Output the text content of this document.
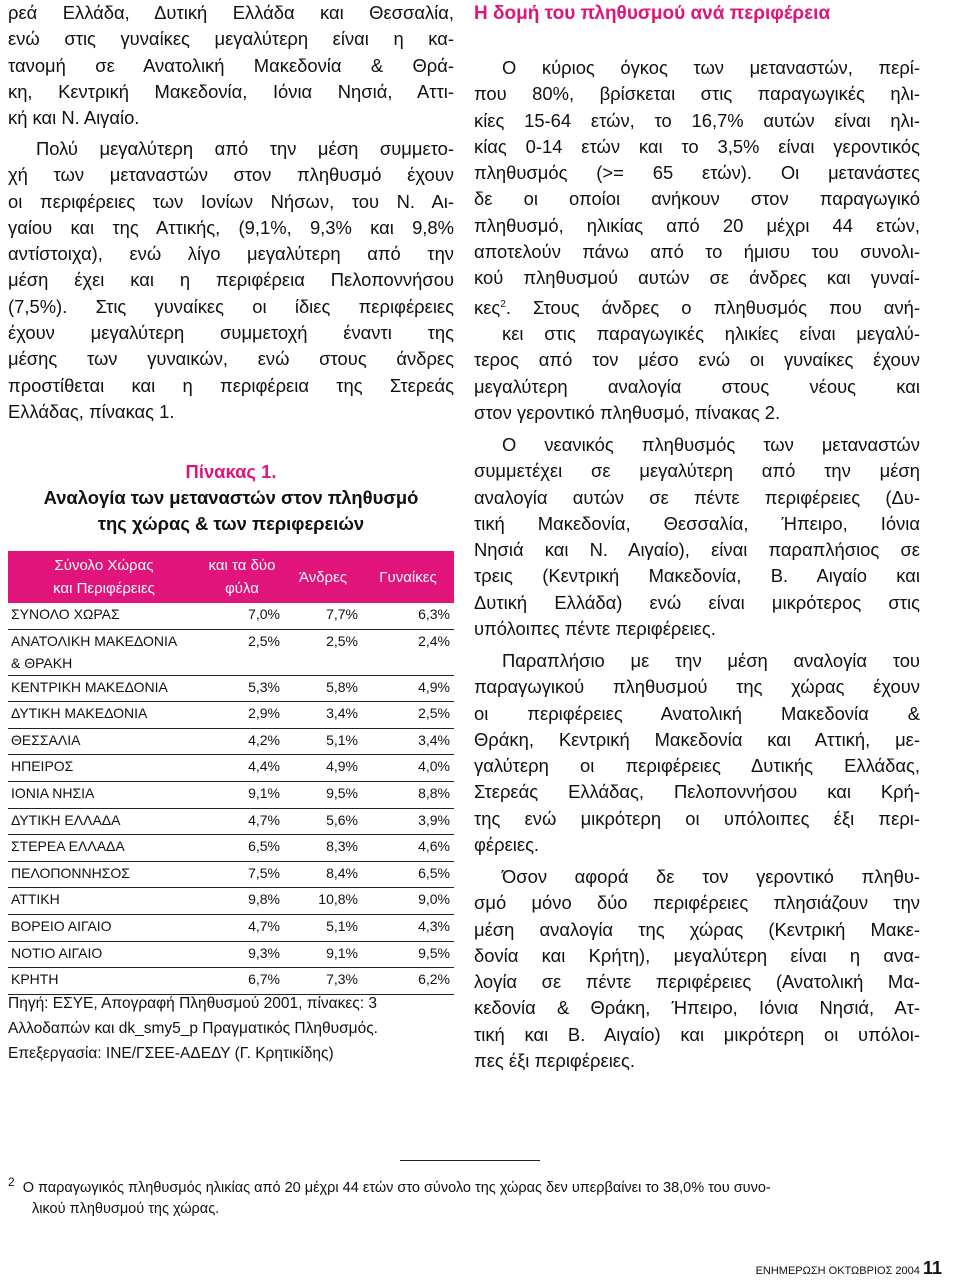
ρεά Ελλάδα, Δυτική Ελλάδα και Θεσσαλία,
ενώ στις γυναίκες μεγαλύτερη είναι η κα-
τανομή σε Ανατολική Μακεδονία & Θρά-
κη, Κεντρική Μακεδονία, Ιόνια Νησιά, Αττι-
κή και Ν. Αιγαίο.
Πολύ μεγαλύτερη από την μέση συμμετο-
χή των μεταναστών στον πληθυσμό έχουν
οι περιφέρειες των Ιονίων Νήσων, του Ν. Αι-
γαίου και της Αττικής, (9,1%, 9,3% και 9,8%
αντίστοιχα), ενώ λίγο μεγαλύτερη από την
μέση έχει και η περιφέρεια Πελοποννήσου
(7,5%). Στις γυναίκες οι ίδιες περιφέρειες
έχουν μεγαλύτερη συμμετοχή έναντι της
μέσης των γυναικών, ενώ στους άνδρες
προστίθεται και η περιφέρεια της Στερεάς
Ελλάδας, πίνακας 1.
Πίνακας 1.
Αναλογία των μεταναστών στον πληθυσμό
της χώρας & των περιφερειών
Σύνολο Χώρας
και Περιφέρειες	και τα δύο
φύλα	Άνδρες	Γυναίκες

ΣΥΝΟΛΟ ΧΩΡΑΣ	7,0%	7,7%	6,3%

ΑΝΑΤΟΛΙΚΗ ΜΑΚΕΔΟΝΙΑ
& ΘΡΑΚΗ	2,5%	2,5%	2,4%

ΚΕΝΤΡΙΚΗ ΜΑΚΕΔΟΝΙΑ	5,3%	5,8%	4,9%

ΔΥΤΙΚΗ ΜΑΚΕΔΟΝΙΑ	2,9%	3,4%	2,5%

ΘΕΣΣΑΛΙΑ	4,2%	5,1%	3,4%

ΗΠΕΙΡΟΣ	4,4%	4,9%	4,0%

ΙΟΝΙΑ ΝΗΣΙΑ	9,1%	9,5%	8,8%

ΔΥΤΙΚΗ ΕΛΛΑΔΑ	4,7%	5,6%	3,9%

ΣΤΕΡΕΑ ΕΛΛΑΔΑ	6,5%	8,3%	4,6%

ΠΕΛΟΠΟΝΝΗΣΟΣ	7,5%	8,4%	6,5%

ΑΤΤΙΚΗ	9,8%	10,8%	9,0%

ΒΟΡΕΙΟ ΑΙΓΑΙΟ	4,7%	5,1%	4,3%

ΝΟΤΙΟ ΑΙΓΑΙΟ	9,3%	9,1%	9,5%

ΚΡΗΤΗ	6,7%	7,3%	6,2%
Πηγή: ΕΣΥΕ, Απογραφή Πληθυσμού 2001, πίνακες: 3
Αλλοδαπών και dk_smy5_p Πραγματικός Πληθυσμός.
Επεξεργασία: ΙΝΕ/ΓΣΕΕ-ΑΔΕΔΥ (Γ. Κρητικίδης)
Η δομή του πληθυσμού ανά περιφέρεια
Ο κύριος όγκος των μεταναστών, περί-
που 80%, βρίσκεται στις παραγωγικές ηλι-
κίες 15-64 ετών, το 16,7% αυτών είναι ηλι-
κίας 0-14 ετών και το 3,5% είναι γεροντικός
πληθυσμός (>= 65 ετών). Οι μετανάστες
δε οι οποίοι ανήκουν στον παραγωγικό
πληθυσμό, ηλικίας από 20 μέχρι 44 ετών,
αποτελούν πάνω από το ήμισυ του συνολι-
κού πληθυσμού αυτών σε άνδρες και γυναί-
κες$^2$. Στους άνδρες ο πληθυσμός που ανή-
κει στις παραγωγικές ηλικίες είναι μεγαλύ-
τερος από τον μέσο ενώ οι γυναίκες έχουν
μεγαλύτερη αναλογία στους νέους και
στον γεροντικό πληθυσμό, πίνακας 2.
Ο νεανικός πληθυσμός των μεταναστών
συμμετέχει σε μεγαλύτερη από την μέση
αναλογία αυτών σε πέντε περιφέρειες (Δυ-
τική Μακεδονία, Θεσσαλία, Ήπειρο, Ιόνια
Νησιά και Ν. Αιγαίο), είναι παραπλήσιος σε
τρεις (Κεντρική Μακεδονία, Β. Αιγαίο και
Δυτική Ελλάδα) ενώ είναι μικρότερος στις
υπόλοιπες πέντε περιφέρειες.
Παραπλήσιο με την μέση αναλογία του
παραγωγικού πληθυσμού της χώρας έχουν
οι περιφέρειες Ανατολική Μακεδονία &
Θράκη, Κεντρική Μακεδονία και Αττική, με-
γαλύτερη οι περιφέρειες Δυτικής Ελλάδας,
Στερεάς Ελλάδας, Πελοποννήσου και Κρή-
της ενώ μικρότερη οι υπόλοιπες έξι περι-
φέρειες.
Όσον αφορά δε τον γεροντικό πληθυ-
σμό μόνο δύο περιφέρειες πλησιάζουν την
μέση αναλογία της χώρας (Κεντρική Μακε-
δονία και Κρήτη), μεγαλύτερη είναι η ανα-
λογία σε πέντε περιφέρειες (Ανατολική Μα-
κεδονία & Θράκη, Ήπειρο, Ιόνια Νησιά, Ατ-
τική και Β. Αιγαίο) και μικρότερη οι υπόλοι-
πες έξι περιφέρειες.
$^2$ Ο παραγωγικός πληθυσμός ηλικίας από 20 μέχρι 44 ετών στο σύνολο της χώρας δεν υπερβαίνει το 38,0% του συνο-
λικού πληθυσμού της χώρας.
ΕΝΗΜΕΡΩΣΗ ΟΚΤΩΒΡΙΟΣ 2004 11
